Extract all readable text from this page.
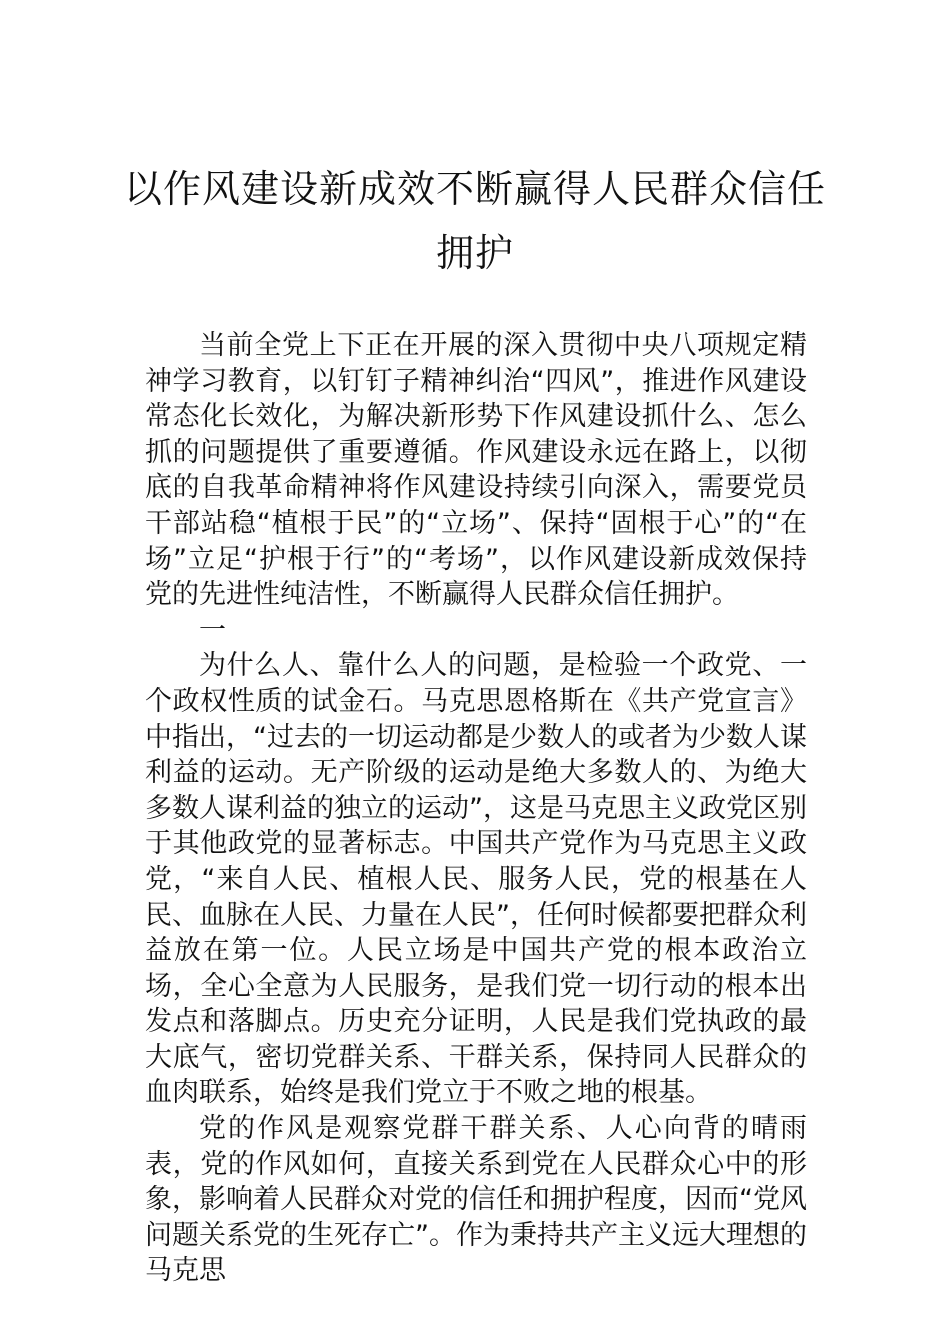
以作风建设新成效不断赢得人民群众信任
拥护

当前全党上下正在开展的深入贯彻中央八项规定精神学习教育，以钉钉子精神纠治“四风”，推进作风建设常态化长效化，为解决新形势下作风建设抓什么、怎么抓的问题提供了重要遵循。作风建设永远在路上，以彻底的自我革命精神将作风建设持续引向深入，需要党员干部站稳“植根于民”的“立场”、保持“固根于心”的“在场”立足“护根于行”的“考场”，以作风建设新成效保持党的先进性纯洁性，不断赢得人民群众信任拥护。

一

为什么人、靠什么人的问题，是检验一个政党、一个政权性质的试金石。马克思恩格斯在《共产党宣言》中指出，“过去的一切运动都是少数人的或者为少数人谋利益的运动。无产阶级的运动是绝大多数人的、为绝大多数人谋利益的独立的运动”，这是马克思主义政党区别于其他政党的显著标志。中国共产党作为马克思主义政党，“来自人民、植根人民、服务人民，党的根基在人民、血脉在人民、力量在人民”，任何时候都要把群众利益放在第一位。人民立场是中国共产党的根本政治立场，全心全意为人民服务，是我们党一切行动的根本出发点和落脚点。历史充分证明，人民是我们党执政的最大底气，密切党群关系、干群关系，保持同人民群众的血肉联系，始终是我们党立于不败之地的根基。

党的作风是观察党群干群关系、人心向背的晴雨表，党的作风如何，直接关系到党在人民群众心中的形象，影响着人民群众对党的信任和拥护程度，因而“党风问题关系党的生死存亡”。作为秉持共产主义远大理想的马克思
